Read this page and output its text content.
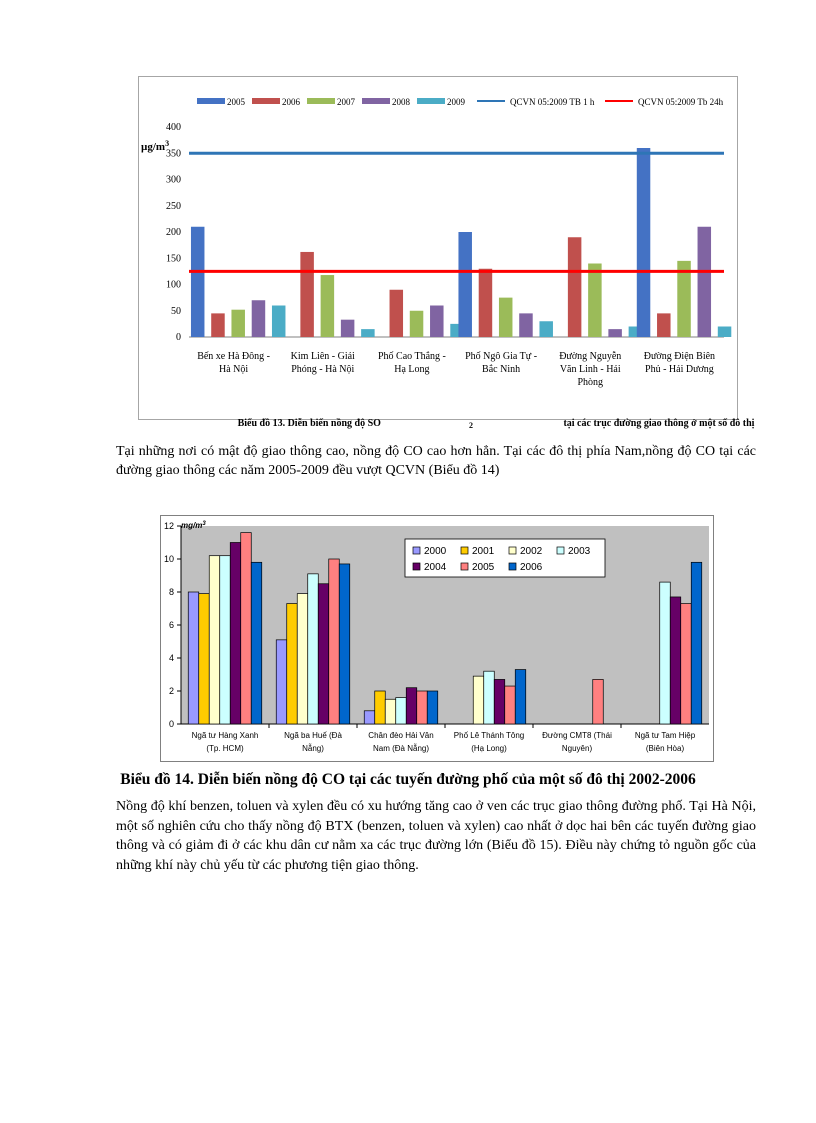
0
50
100
150
200
250
300
350
400
$\mu g/m^3$
Bến xe Hà Đông -
Hà Nội
Kim Liên - Giải
Phóng - Hà Nội
Phố Cao Thắng -
Hạ Long
Phố Ngô Gia Tự -
Bắc Ninh
Đường Nguyễn
Văn Linh - Hải
Phòng
Đường Điện Biên
Phủ - Hải Dương
2005	2006	2007	2008	2009	QCVN 05:2009 TB 1 h	QCVN 05:2009 Tb 24h
Biểu đồ 13. Diễn biến nồng độ SO	$_2$	tại các trục đường giao thông ở một số đô thị
Tại những nơi có mật độ giao thông cao, nồng độ CO cao hơn hẳn. Tại các đô thị phía Nam,nồng độ CO tại các đường giao thông các năm 2005-2009 đều vượt QCVN (Biểu đồ 14)
0
2
4
6
8
10
12 $mg/m^3$
Ngã tư Hàng Xanh
(Tp. HCM)
Ngã ba Huế (Đà
Nẵng)
Chân đèo Hải Vân
Nam (Đà Nẵng)
Phố Lê Thánh Tông
(Hạ Long)
Đường CMT8 (Thái
Nguyên)
Ngã tư Tam Hiệp
(Biên Hòa)
2000	2001	2002	2003
2004	2005	2006
Biểu đồ 14. Diễn biến nồng độ CO tại các tuyến đường phố của một số đô thị 2002-2006
Nồng độ khí benzen, toluen và xylen đều có xu hướng tăng cao ở ven các trục giao thông đường phố. Tại Hà Nội, một số nghiên cứu cho thấy nồng độ BTX (benzen, toluen và xylen) cao nhất ở dọc hai bên các tuyến đường giao thông và có giảm đi ở các khu dân cư nằm xa các trục đường lớn (Biểu đồ 15). Điều này chứng tỏ nguồn gốc của những khí này chủ yếu từ các phương tiện giao thông.
